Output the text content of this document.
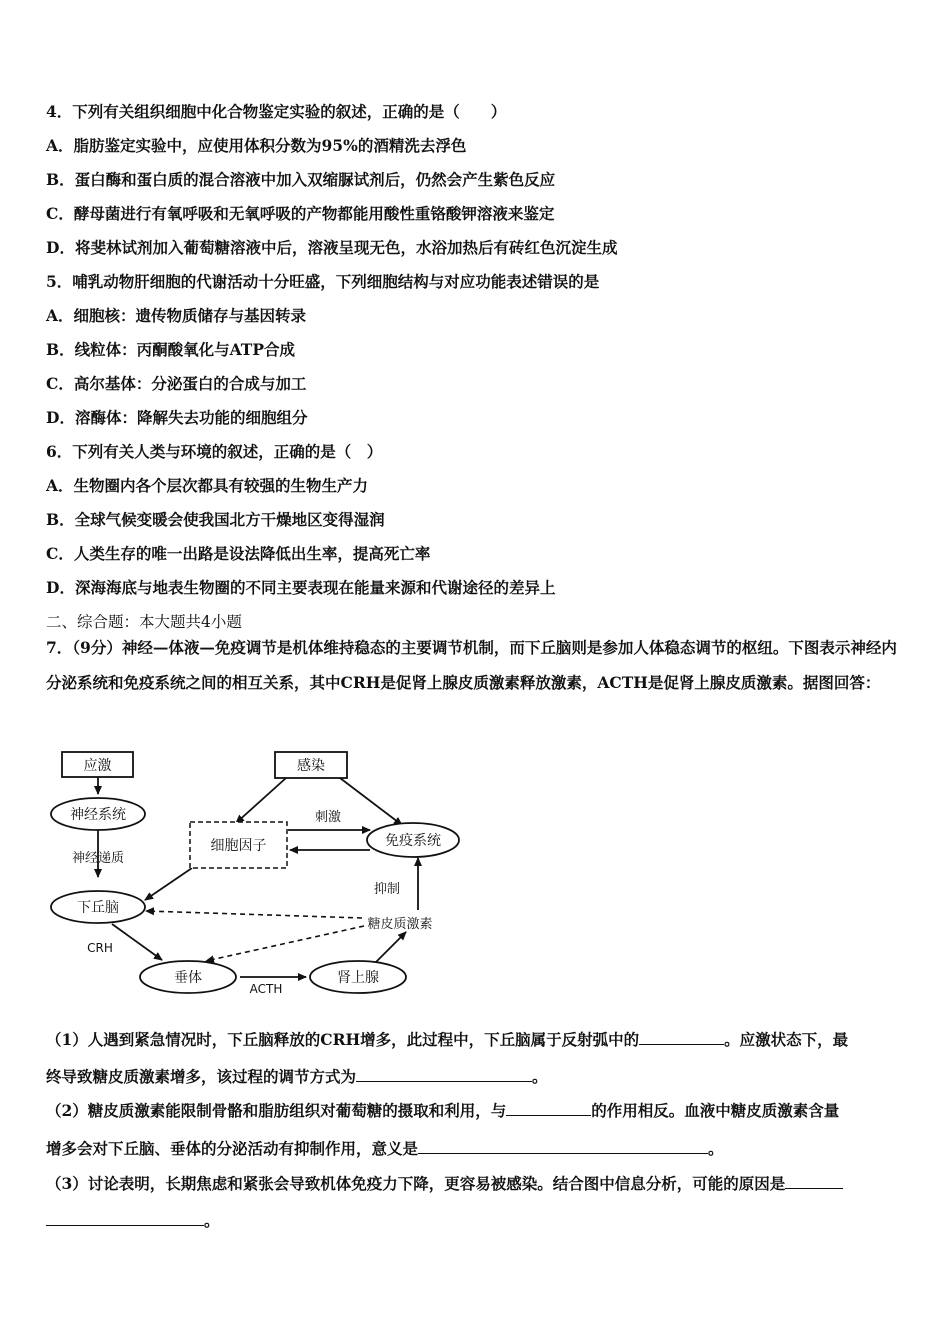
4．下列有关组织细胞中化合物鉴定实验的叙述，正确的是（　　）
A．脂肪鉴定实验中，应使用体积分数为95%的酒精洗去浮色
B．蛋白酶和蛋白质的混合溶液中加入双缩脲试剂后，仍然会产生紫色反应
C．酵母菌进行有氧呼吸和无氧呼吸的产物都能用酸性重铬酸钾溶液来鉴定
D．将斐林试剂加入葡萄糖溶液中后，溶液呈现无色，水浴加热后有砖红色沉淀生成
5．哺乳动物肝细胞的代谢活动十分旺盛，下列细胞结构与对应功能表述错误的是
A．细胞核：遗传物质储存与基因转录
B．线粒体：丙酮酸氧化与ATP合成
C．高尔基体：分泌蛋白的合成与加工
D．溶酶体：降解失去功能的细胞组分
6．下列有关人类与环境的叙述，正确的是（　）
A．生物圈内各个层次都具有较强的生物生产力
B．全球气候变暖会使我国北方干燥地区变得湿润
C．人类生存的唯一出路是设法降低出生率，提高死亡率
D．深海海底与地表生物圈的不同主要表现在能量来源和代谢途径的差异上
二、综合题：本大题共4小题
7．（9分）神经—体液—免疫调节是机体维持稳态的主要调节机制，而下丘脑则是参加人体稳态调节的枢纽。下图表示神经内分泌系统和免疫系统之间的相互关系，其中CRH是促肾上腺皮质激素释放激素，ACTH是促肾上腺皮质激素。据图回答：
应激	感染
神经系统
神经递质
细胞因子
刺激
免疫系统
抑制
下丘脑
糖皮质激素
CRH
垂体
ACTH
肾上腺
（1）人遇到紧急情况时，下丘脑释放的CRH增多，此过程中，下丘脑属于反射弧中的	。应激状态下，最
终导致糖皮质激素增多，该过程的调节方式为	。
（2）糖皮质激素能限制骨骼和脂肪组织对葡萄糖的摄取和利用，与	的作用相反。血液中糖皮质激素含量
增多会对下丘脑、垂体的分泌活动有抑制作用，意义是	。
（3）讨论表明，长期焦虑和紧张会导致机体免疫力下降，更容易被感染。结合图中信息分析，可能的原因是
。
